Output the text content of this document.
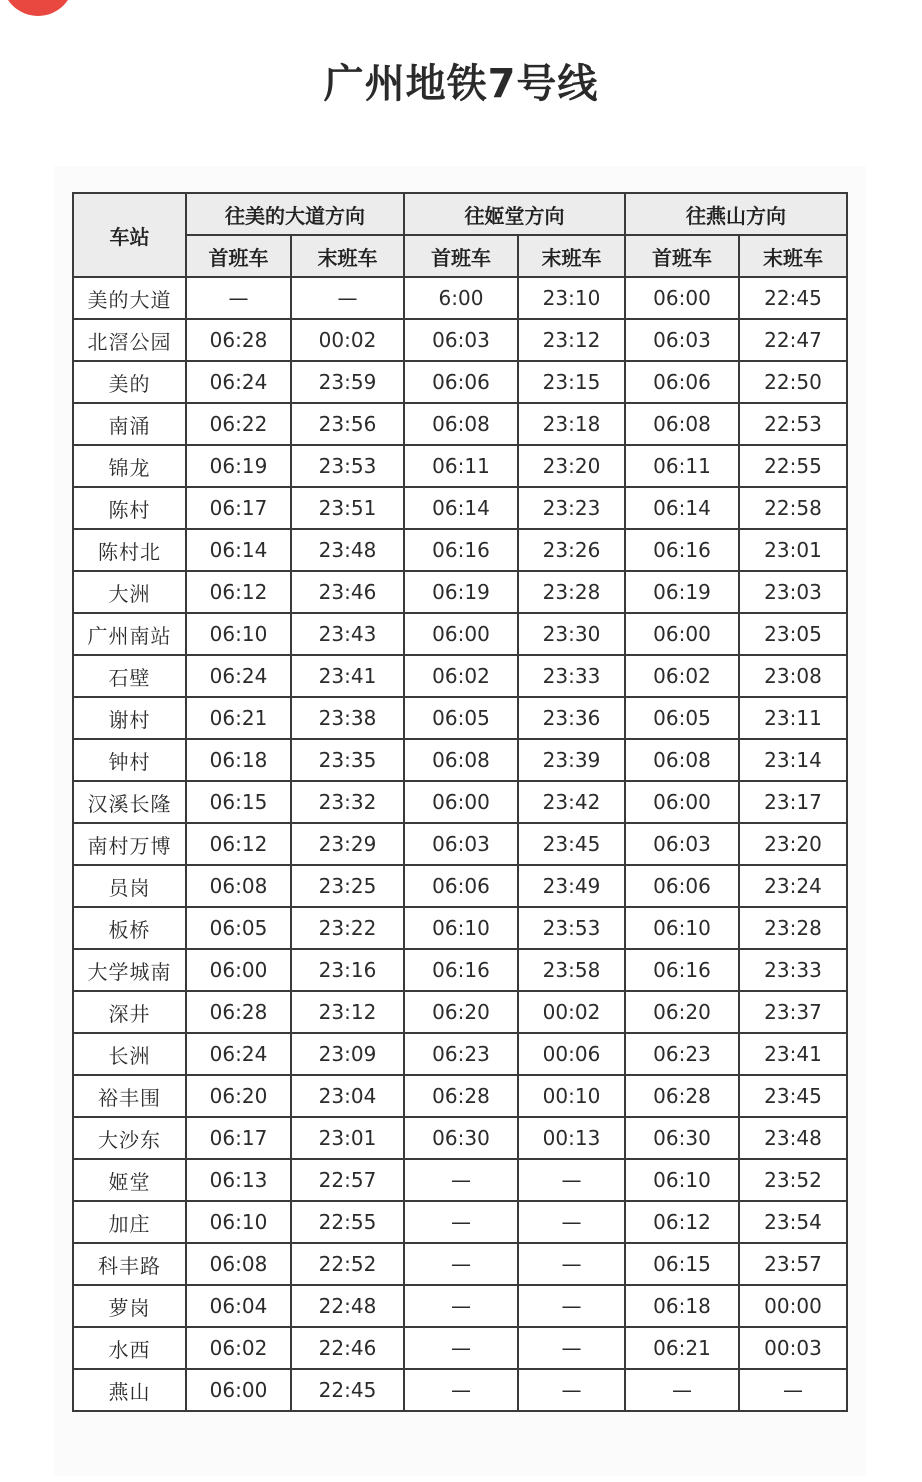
广州地铁7号线
车站	往美的大道方向		往姬堂方向		往燕山方向	
	首班车	末班车	首班车	末班车	首班车	末班车
美的大道	—	—	6:00	23:10	06:00	22:45
北滘公园	06:28	00:02	06:03	23:12	06:03	22:47
美的	06:24	23:59	06:06	23:15	06:06	22:50
南涌	06:22	23:56	06:08	23:18	06:08	22:53
锦龙	06:19	23:53	06:11	23:20	06:11	22:55
陈村	06:17	23:51	06:14	23:23	06:14	22:58
陈村北	06:14	23:48	06:16	23:26	06:16	23:01
大洲	06:12	23:46	06:19	23:28	06:19	23:03
广州南站	06:10	23:43	06:00	23:30	06:00	23:05
石壁	06:24	23:41	06:02	23:33	06:02	23:08
谢村	06:21	23:38	06:05	23:36	06:05	23:11
钟村	06:18	23:35	06:08	23:39	06:08	23:14
汉溪长隆	06:15	23:32	06:00	23:42	06:00	23:17
南村万博	06:12	23:29	06:03	23:45	06:03	23:20
员岗	06:08	23:25	06:06	23:49	06:06	23:24
板桥	06:05	23:22	06:10	23:53	06:10	23:28
大学城南	06:00	23:16	06:16	23:58	06:16	23:33
深井	06:28	23:12	06:20	00:02	06:20	23:37
长洲	06:24	23:09	06:23	00:06	06:23	23:41
裕丰围	06:20	23:04	06:28	00:10	06:28	23:45
大沙东	06:17	23:01	06:30	00:13	06:30	23:48
姬堂	06:13	22:57	—	—	06:10	23:52
加庄	06:10	22:55	—	—	06:12	23:54
科丰路	06:08	22:52	—	—	06:15	23:57
萝岗	06:04	22:48	—	—	06:18	00:00
水西	06:02	22:46	—	—	06:21	00:03
燕山	06:00	22:45	—	—	—	—
